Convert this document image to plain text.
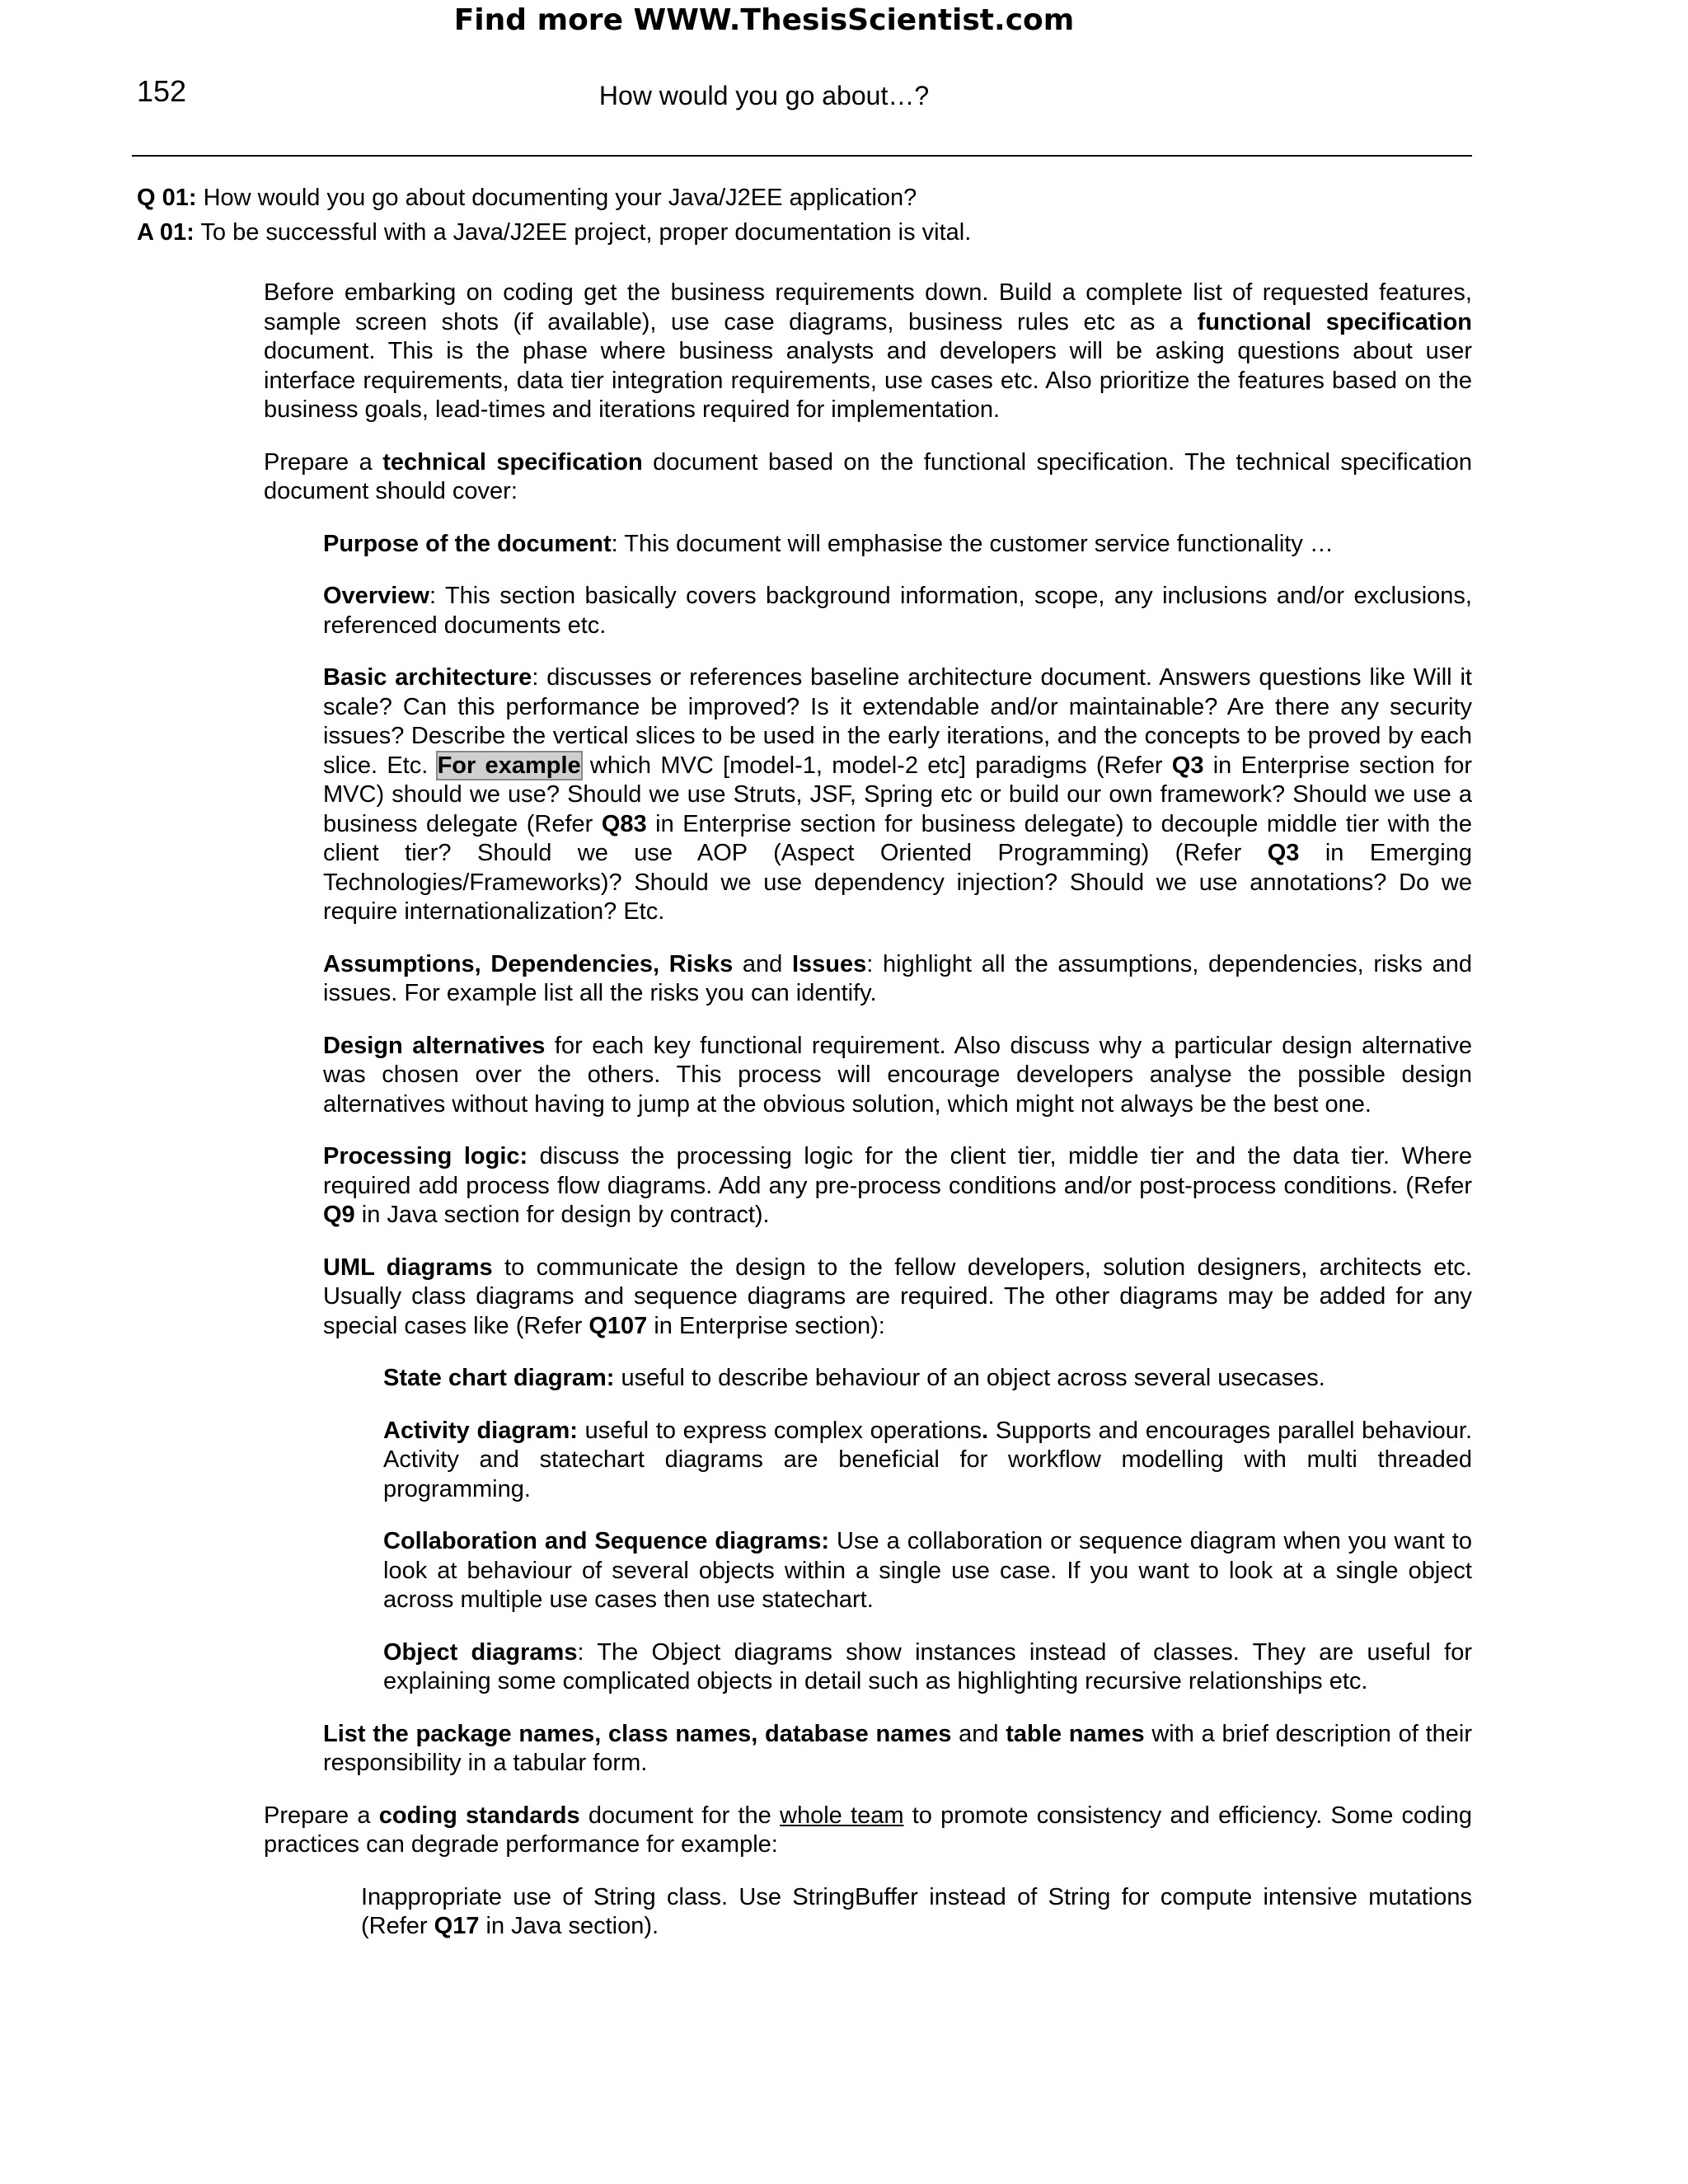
Find more WWW.ThesisScientist.com
152	How would you go about…?
Q 01: How would you go about documenting your Java/J2EE application?
A 01: To be successful with a Java/J2EE project, proper documentation is vital.

Before embarking on coding get the business requirements down. Build a complete list of requested features, sample screen shots (if available), use case diagrams, business rules etc as a functional specification document. This is the phase where business analysts and developers will be asking questions about user interface requirements, data tier integration requirements, use cases etc. Also prioritize the features based on the business goals, lead-times and iterations required for implementation.

Prepare a technical specification document based on the functional specification. The technical specification document should cover:

Purpose of the document: This document will emphasise the customer service functionality …

Overview: This section basically covers background information, scope, any inclusions and/or exclusions, referenced documents etc.

Basic architecture: discusses or references baseline architecture document. Answers questions like Will it scale? Can this performance be improved? Is it extendable and/or maintainable? Are there any security issues? Describe the vertical slices to be used in the early iterations, and the concepts to be proved by each slice. Etc. For example which MVC [model-1, model-2 etc] paradigms (Refer Q3 in Enterprise section for MVC) should we use? Should we use Struts, JSF, Spring etc or build our own framework? Should we use a business delegate (Refer Q83 in Enterprise section for business delegate) to decouple middle tier with the client tier? Should we use AOP (Aspect Oriented Programming) (Refer Q3 in Emerging Technologies/Frameworks)? Should we use dependency injection? Should we use annotations? Do we require internationalization? Etc.

Assumptions, Dependencies, Risks and Issues: highlight all the assumptions, dependencies, risks and issues. For example list all the risks you can identify.

Design alternatives for each key functional requirement. Also discuss why a particular design alternative was chosen over the others. This process will encourage developers analyse the possible design alternatives without having to jump at the obvious solution, which might not always be the best one.

Processing logic: discuss the processing logic for the client tier, middle tier and the data tier. Where required add process flow diagrams. Add any pre-process conditions and/or post-process conditions. (Refer Q9 in Java section for design by contract).

UML diagrams to communicate the design to the fellow developers, solution designers, architects etc. Usually class diagrams and sequence diagrams are required. The other diagrams may be added for any special cases like (Refer Q107 in Enterprise section):

State chart diagram: useful to describe behaviour of an object across several usecases.

Activity diagram: useful to express complex operations. Supports and encourages parallel behaviour. Activity and statechart diagrams are beneficial for workflow modelling with multi threaded programming.

Collaboration and Sequence diagrams: Use a collaboration or sequence diagram when you want to look at behaviour of several objects within a single use case. If you want to look at a single object across multiple use cases then use statechart.

Object diagrams: The Object diagrams show instances instead of classes. They are useful for explaining some complicated objects in detail such as highlighting recursive relationships etc.

List the package names, class names, database names and table names with a brief description of their responsibility in a tabular form.

Prepare a coding standards document for the whole team to promote consistency and efficiency. Some coding practices can degrade performance for example:

Inappropriate use of String class. Use StringBuffer instead of String for compute intensive mutations (Refer Q17 in Java section).
